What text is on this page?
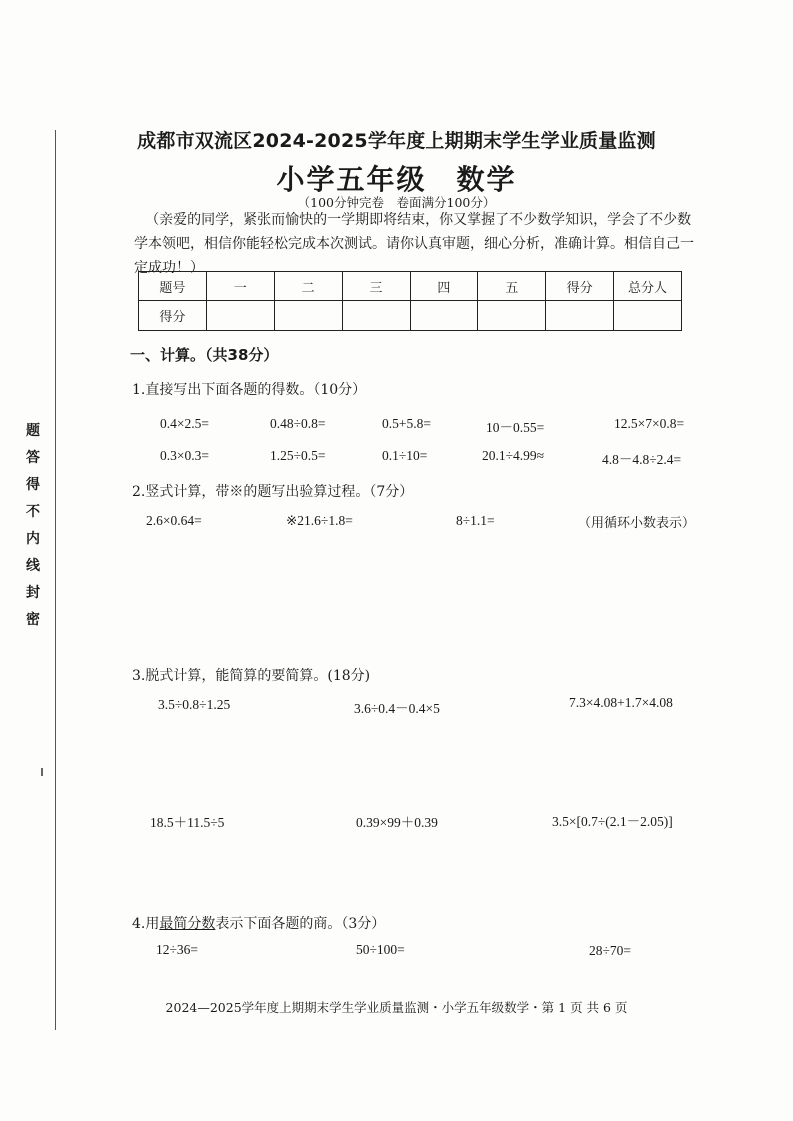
题
答
得
不
内
线
封
密
成都市双流区2024-2025学年度上期期末学生学业质量监测
小学五年级　数学
（100分钟完卷　卷面满分100分）

（亲爱的同学，紧张而愉快的一学期即将结束，你又掌握了不少数学知识，学会了不少数学本领吧，相信你能轻松完成本次测试。请你认真审题，细心分析，准确计算。相信自己一定成功！）

题号	一	二	三	四	五	得分	总分人
得分							
一、计算。（共38分）
1.直接写出下面各题的得数。（10分）
0.4×2.5=	0.48÷0.8=	0.5+5.8=	10－0.55=	12.5×7×0.8=
0.3×0.3=	1.25÷0.5=	0.1÷10=	20.1÷4.99≈	4.8－4.8÷2.4=
2.竖式计算，带※的题写出验算过程。（7分）
2.6×0.64=	※21.6÷1.8=	8÷1.1=	（用循环小数表示）
3.脱式计算，能简算的要简算。(18分)
3.5÷0.8÷1.25	3.6÷0.4－0.4×5	7.3×4.08+1.7×4.08
18.5＋11.5÷5	0.39×99＋0.39	3.5×[0.7÷(2.1－2.05)]
4.用最简分数表示下面各题的商。（3分）
12÷36=	50÷100=	28÷70=
2024—2025学年度上期期末学生学业质量监测・小学五年级数学・第 1 页 共 6 页
